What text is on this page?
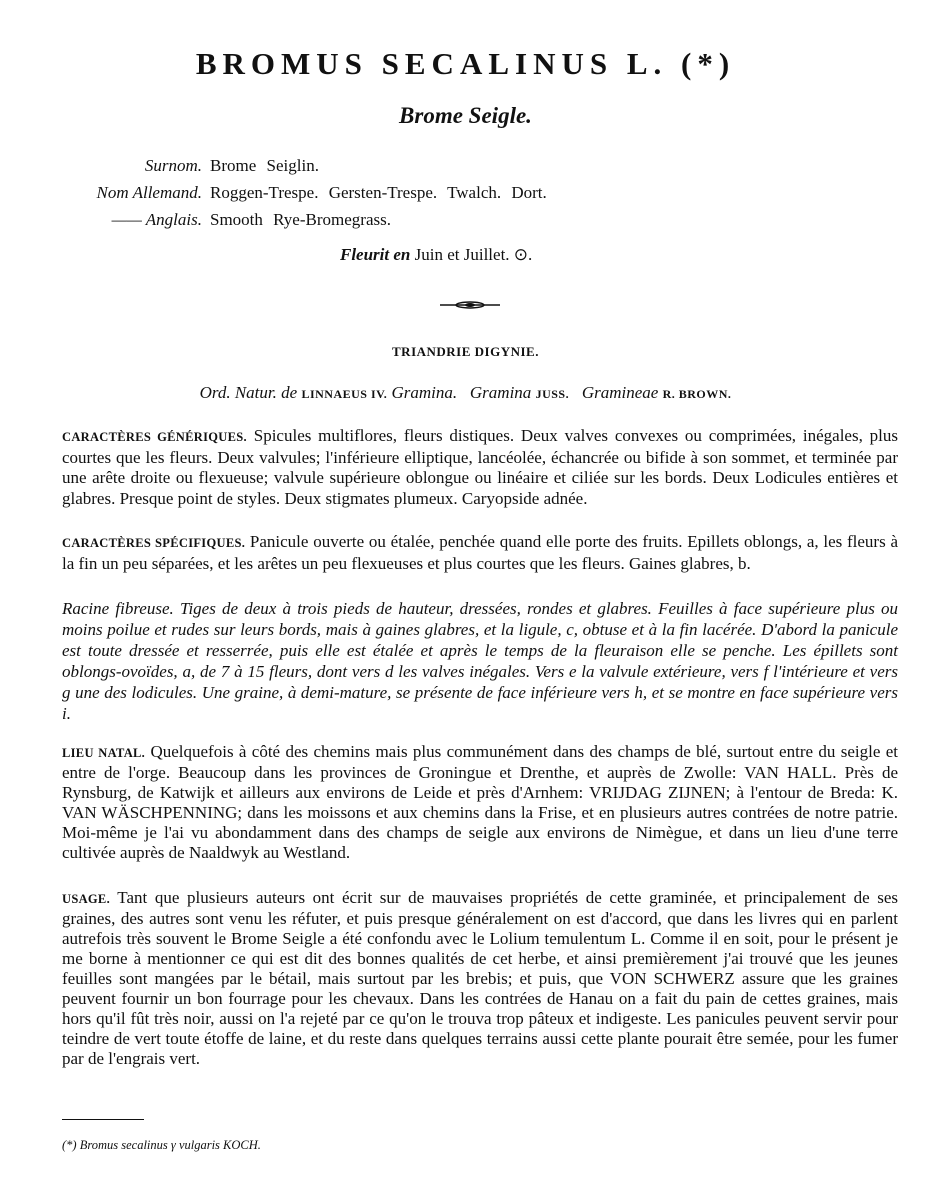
BROMUS SECALINUS L. (*)
Brome Seigle.
Surnom. Brome Seiglin.
Nom Allemand. Roggen-Trespe. Gersten-Trespe. Twalch. Dort.
—— Anglais. Smooth Rye-Bromegrass.
Fleurit en Juin et Juillet. ⊙.
TRIANDRIE DIGYNIE.
Ord. Natur. de LINNAEUS IV. Gramina. Gramina JUSS. Gramineae R. BROWN.

CARACTÈRES GÉNÉRIQUES. Spicules multiflores, fleurs distiques. Deux valves convexes ou comprimées, inégales, plus courtes que les fleurs. Deux valvules; l'inférieure elliptique, lancéolée, échancrée ou bifide à son sommet, et terminée par une arête droite ou flexueuse; valvule supérieure oblongue ou linéaire et ciliée sur les bords. Deux Lodicules entières et glabres. Presque point de styles. Deux stigmates plumeux. Caryopside adnée.

CARACTÈRES SPÉCIFIQUES. Panicule ouverte ou étalée, penchée quand elle porte des fruits. Epillets oblongs, a, les fleurs à la fin un peu séparées, et les arêtes un peu flexueuses et plus courtes que les fleurs. Gaines glabres, b.

Racine fibreuse. Tiges de deux à trois pieds de hauteur, dressées, rondes et glabres. Feuilles à face supérieure plus ou moins poilue et rudes sur leurs bords, mais à gaines glabres, et la ligule, c, obtuse et à la fin lacérée. D'abord la panicule est toute dressée et resserrée, puis elle est étalée et après le temps de la fleuraison elle se penche. Les épillets sont oblongs-ovoïdes, a, de 7 à 15 fleurs, dont vers d les valves inégales. Vers e la valvule extérieure, vers f l'intérieure et vers g une des lodicules. Une graine, à demi-mature, se présente de face inférieure vers h, et se montre en face supérieure vers i.

LIEU NATAL. Quelquefois à côté des chemins mais plus communément dans des champs de blé, surtout entre du seigle et entre de l'orge. Beaucoup dans les provinces de Groningue et Drenthe, et auprès de Zwolle: VAN HALL. Près de Rynsburg, de Katwijk et ailleurs aux environs de Leide et près d'Arnhem: VRIJDAG ZIJNEN; à l'entour de Breda: K. VAN WÄSCHPENNING; dans les moissons et aux chemins dans la Frise, et en plusieurs autres contrées de notre patrie. Moi-même je l'ai vu abondamment dans des champs de seigle aux environs de Nimègue, et dans un lieu d'une terre cultivée auprès de Naaldwyk au Westland.

USAGE. Tant que plusieurs auteurs ont écrit sur de mauvaises propriétés de cette graminée, et principalement de ses graines, des autres sont venu les réfuter, et puis presque généralement on est d'accord, que dans les livres qui en parlent autrefois très souvent le Brome Seigle a été confondu avec le Lolium temulentum L. Comme il en soit, pour le présent je me borne à mentionner ce qui est dit des bonnes qualités de cet herbe, et ainsi premièrement j'ai trouvé que les jeunes feuilles sont mangées par le bétail, mais surtout par les brebis; et puis, que VON SCHWERZ assure que les graines peuvent fournir un bon fourrage pour les chevaux. Dans les contrées de Hanau on a fait du pain de cettes graines, mais hors qu'il fût très noir, aussi on l'a rejeté par ce qu'on le trouva trop pâteux et indigeste. Les panicules peuvent servir pour teindre de vert toute étoffe de laine, et du reste dans quelques terrains aussi cette plante pourait être semée, pour les fumer par de l'engrais vert.

(*) Bromus secalinus γ vulgaris KOCH.
